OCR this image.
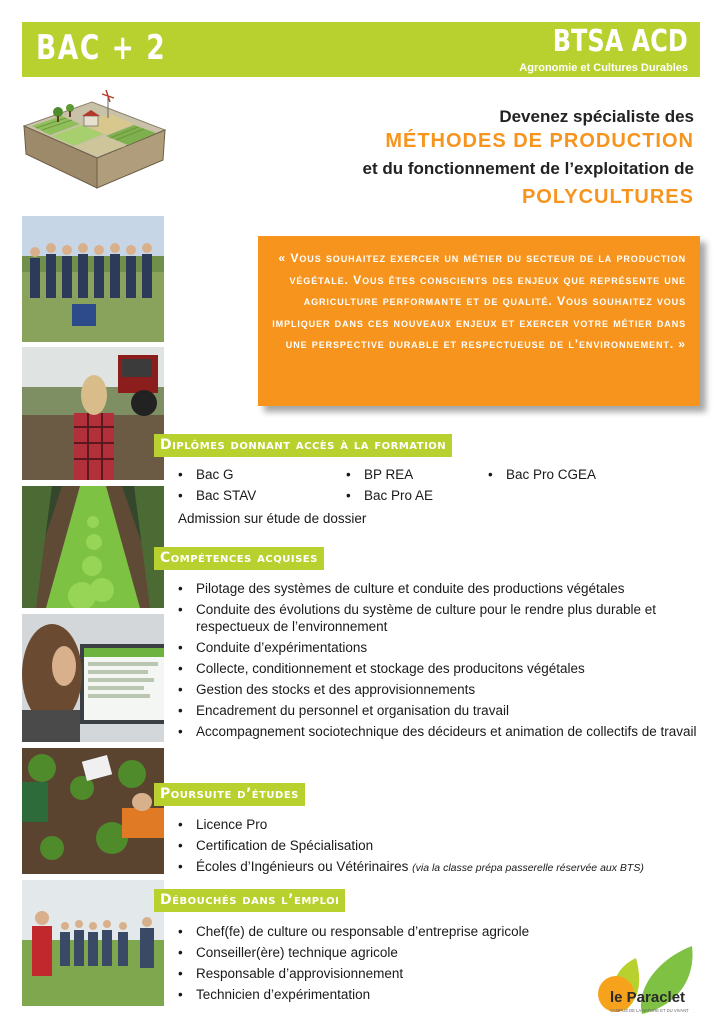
BAC + 2	BTSA ACD
Agronomie et Cultures Durables
Devenez spécialiste des
MÉTHODES DE PRODUCTION
et du fonctionnement de l’exploitation de
POLYCULTURES

« Vous souhaitez exercer un métier du secteur de la production végétale. Vous êtes conscients des enjeux que représente une agriculture performante et de qualité. Vous souhaitez vous impliquer dans ces nouveaux enjeux et exercer votre métier dans une perspective durable et respectueuse de l’environnement. »

Diplômes donnant accès à la formation
• Bac G
• Bac STAV
• BP REA
• Bac Pro AE
• Bac Pro CGEA
Admission sur étude de dossier
Compétences acquises
• Pilotage des systèmes de culture et conduite des productions végétales
• Conduite des évolutions du système de culture pour le rendre plus durable et respectueux de l’environnement
• Conduite d’expérimentations
• Collecte, conditionnement et stockage des producitons végétales
• Gestion des stocks et des approvisionnements
• Encadrement du personnel et organisation du travail
• Accompagnement sociotechnique des décideurs et animation de collectifs de travail
Poursuite d’études
• Licence Pro
• Certification de Spécialisation
• Écoles d’Ingénieurs ou Vétérinaires (via la classe prépa passerelle réservée aux BTS)
Débouchés dans l’emploi
• Chef(fe) de culture ou responsable d’entreprise agricole
• Conseiller(ère) technique agricole
• Responsable d’approvisionnement
• Technicien d’expérimentation	le Paraclet
CAMPUS DE LA NATURE ET DU VIVANT
